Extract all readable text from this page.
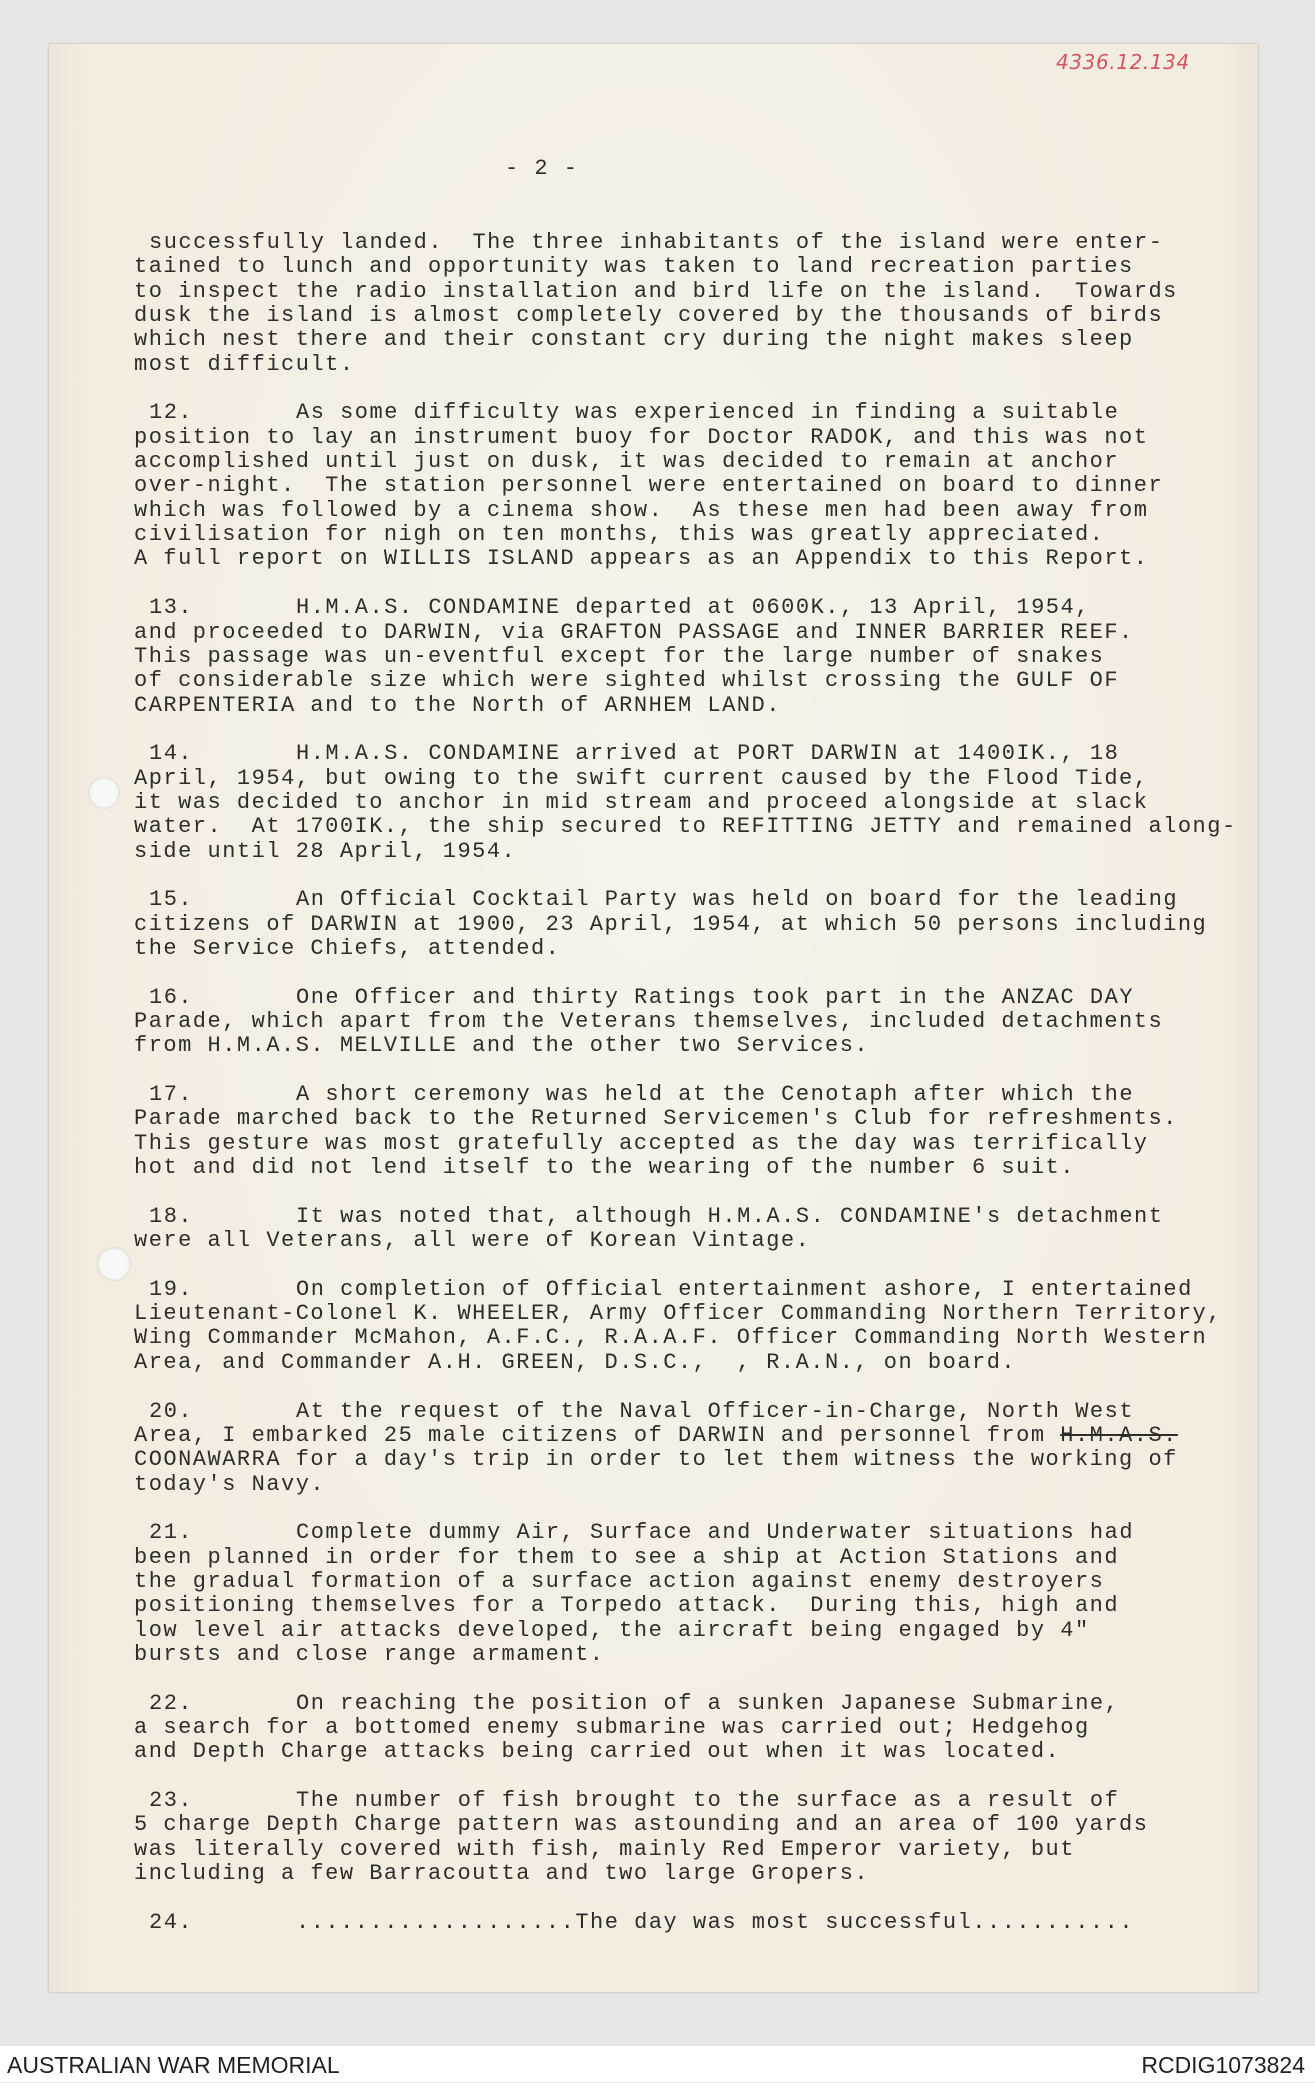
4336.12.134
- 2 -
successfully landed.  The three inhabitants of the island were enter-
tained to lunch and opportunity was taken to land recreation parties
to inspect the radio installation and bird life on the island.  Towards
dusk the island is almost completely covered by the thousands of birds
which nest there and their constant cry during the night makes sleep
most difficult.
12.	As some difficulty was experienced in finding a suitable
position to lay an instrument buoy for Doctor RADOK, and this was not
accomplished until just on dusk, it was decided to remain at anchor
over-night.  The station personnel were entertained on board to dinner
which was followed by a cinema show.  As these men had been away from
civilisation for nigh on ten months, this was greatly appreciated.
A full report on WILLIS ISLAND appears as an Appendix to this Report.
13.	H.M.A.S. CONDAMINE departed at 0600K., 13 April, 1954,
and proceeded to DARWIN, via GRAFTON PASSAGE and INNER BARRIER REEF.
This passage was un-eventful except for the large number of snakes
of considerable size which were sighted whilst crossing the GULF OF
CARPENTERIA and to the North of ARNHEM LAND.
14.	H.M.A.S. CONDAMINE arrived at PORT DARWIN at 1400IK., 18
April, 1954, but owing to the swift current caused by the Flood Tide,
it was decided to anchor in mid stream and proceed alongside at slack
water.  At 1700IK., the ship secured to REFITTING JETTY and remained along-
side until 28 April, 1954.
15.	An Official Cocktail Party was held on board for the leading
citizens of DARWIN at 1900, 23 April, 1954, at which 50 persons including
the Service Chiefs, attended.
16.	One Officer and thirty Ratings took part in the ANZAC DAY
Parade, which apart from the Veterans themselves, included detachments
from H.M.A.S. MELVILLE and the other two Services.
17.	A short ceremony was held at the Cenotaph after which the
Parade marched back to the Returned Servicemen's Club for refreshments.
This gesture was most gratefully accepted as the day was terrifically
hot and did not lend itself to the wearing of the number 6 suit.
18.	It was noted that, although H.M.A.S. CONDAMINE's detachment
were all Veterans, all were of Korean Vintage.
19.	On completion of Official entertainment ashore, I entertained
Lieutenant-Colonel K. WHEELER, Army Officer Commanding Northern Territory,
Wing Commander McMahon, A.F.C., R.A.A.F. Officer Commanding North Western
Area, and Commander A.H. GREEN, D.S.C.,  , R.A.N., on board.
20.	At the request of the Naval Officer-in-Charge, North West
Area, I embarked 25 male citizens of DARWIN and personnel from H.M.A.S.
COONAWARRA for a day's trip in order to let them witness the working of
today's Navy.
21.	Complete dummy Air, Surface and Underwater situations had
been planned in order for them to see a ship at Action Stations and
the gradual formation of a surface action against enemy destroyers
positioning themselves for a Torpedo attack.  During this, high and
low level air attacks developed, the aircraft being engaged by 4"
bursts and close range armament.
22.	On reaching the position of a sunken Japanese Submarine,
a search for a bottomed enemy submarine was carried out; Hedgehog
and Depth Charge attacks being carried out when it was located.
23.	The number of fish brought to the surface as a result of
5 charge Depth Charge pattern was astounding and an area of 100 yards
was literally covered with fish, mainly Red Emperor variety, but
including a few Barracoutta and two large Gropers.
24.	...................The day was most successful...........
AUSTRALIAN WAR MEMORIAL	RCDIG1073824
